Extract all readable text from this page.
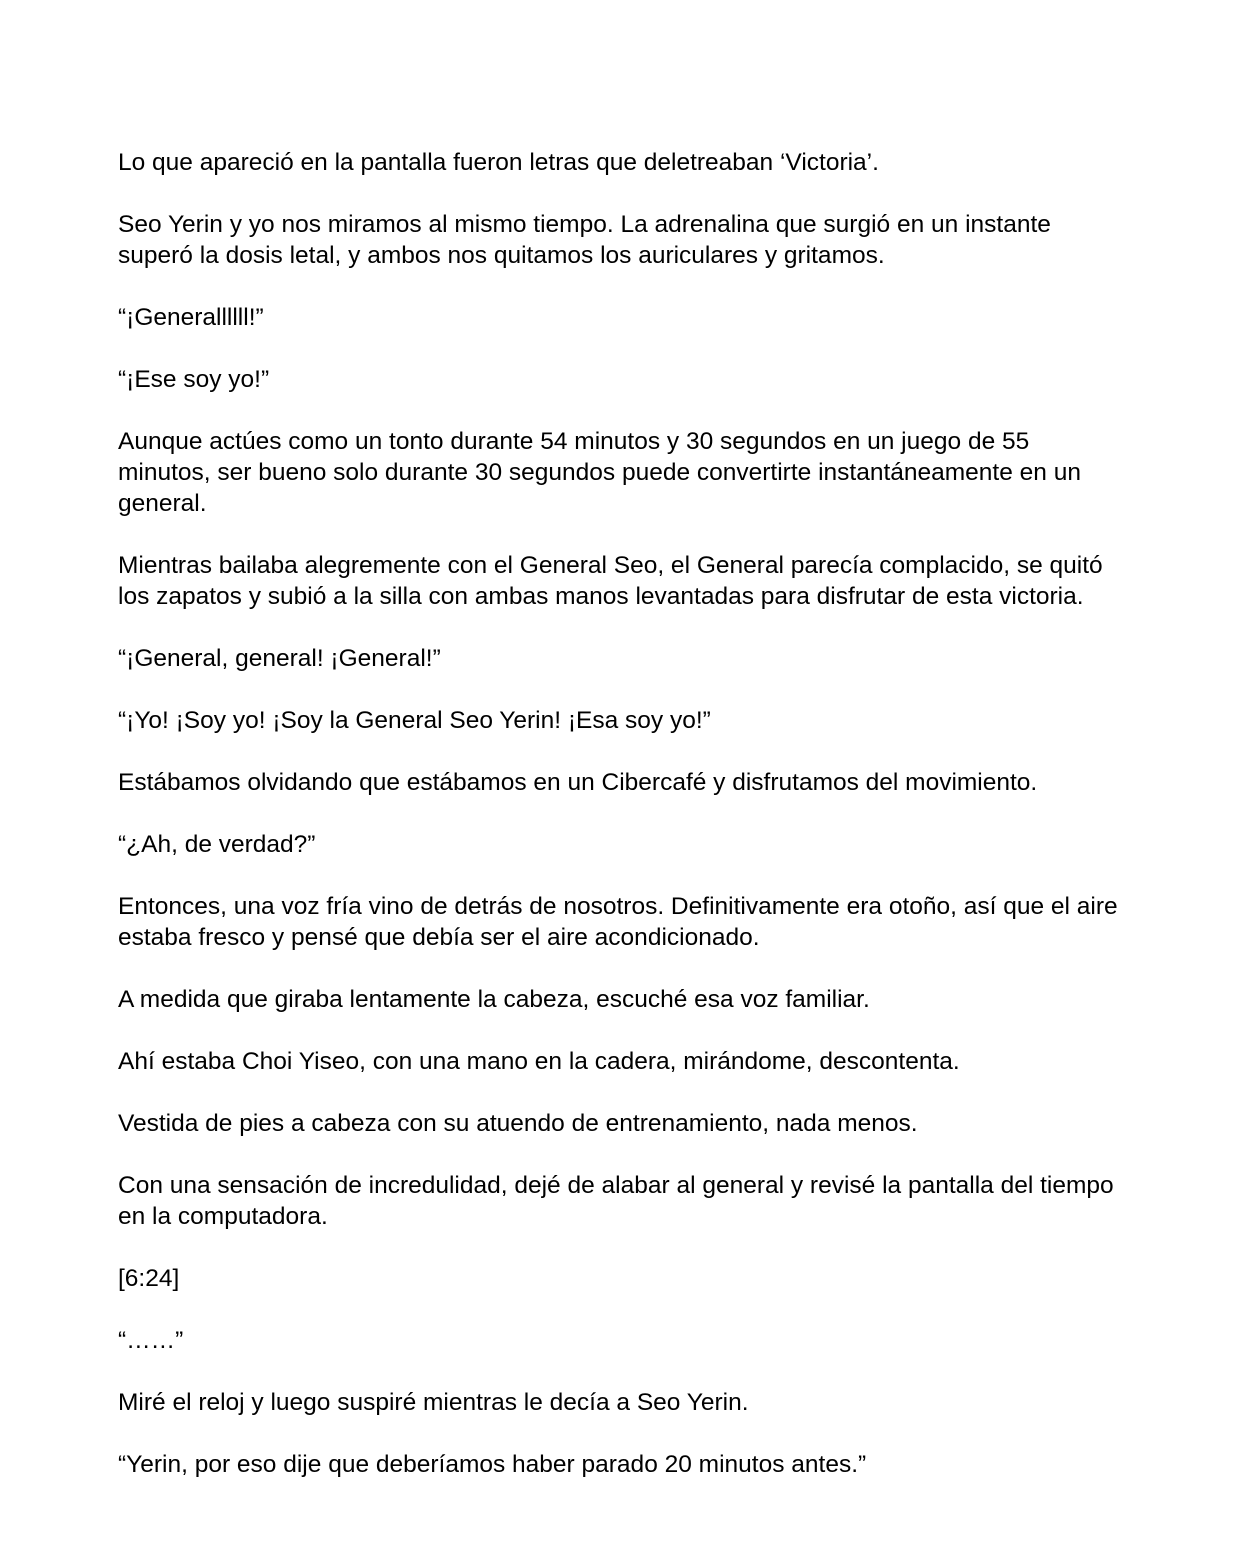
Lo que apareció en la pantalla fueron letras que deletreaban ‘Victoria’.

Seo Yerin y yo nos miramos al mismo tiempo. La adrenalina que surgió en un instante superó la dosis letal, y ambos nos quitamos los auriculares y gritamos.

“¡Generallllll!”

“¡Ese soy yo!”

Aunque actúes como un tonto durante 54 minutos y 30 segundos en un juego de 55 minutos, ser bueno solo durante 30 segundos puede convertirte instantáneamente en un general.

Mientras bailaba alegremente con el General Seo, el General parecía complacido, se quitó los zapatos y subió a la silla con ambas manos levantadas para disfrutar de esta victoria.

“¡General, general! ¡General!”

“¡Yo! ¡Soy yo! ¡Soy la General Seo Yerin! ¡Esa soy yo!”

Estábamos olvidando que estábamos en un Cibercafé y disfrutamos del movimiento.

“¿Ah, de verdad?”

Entonces, una voz fría vino de detrás de nosotros. Definitivamente era otoño, así que el aire estaba fresco y pensé que debía ser el aire acondicionado.

A medida que giraba lentamente la cabeza, escuché esa voz familiar.

Ahí estaba Choi Yiseo, con una mano en la cadera, mirándome, descontenta.

Vestida de pies a cabeza con su atuendo de entrenamiento, nada menos.

Con una sensación de incredulidad, dejé de alabar al general y revisé la pantalla del tiempo en la computadora.

[6:24]

“……”

Miré el reloj y luego suspiré mientras le decía a Seo Yerin.

“Yerin, por eso dije que deberíamos haber parado 20 minutos antes.”
